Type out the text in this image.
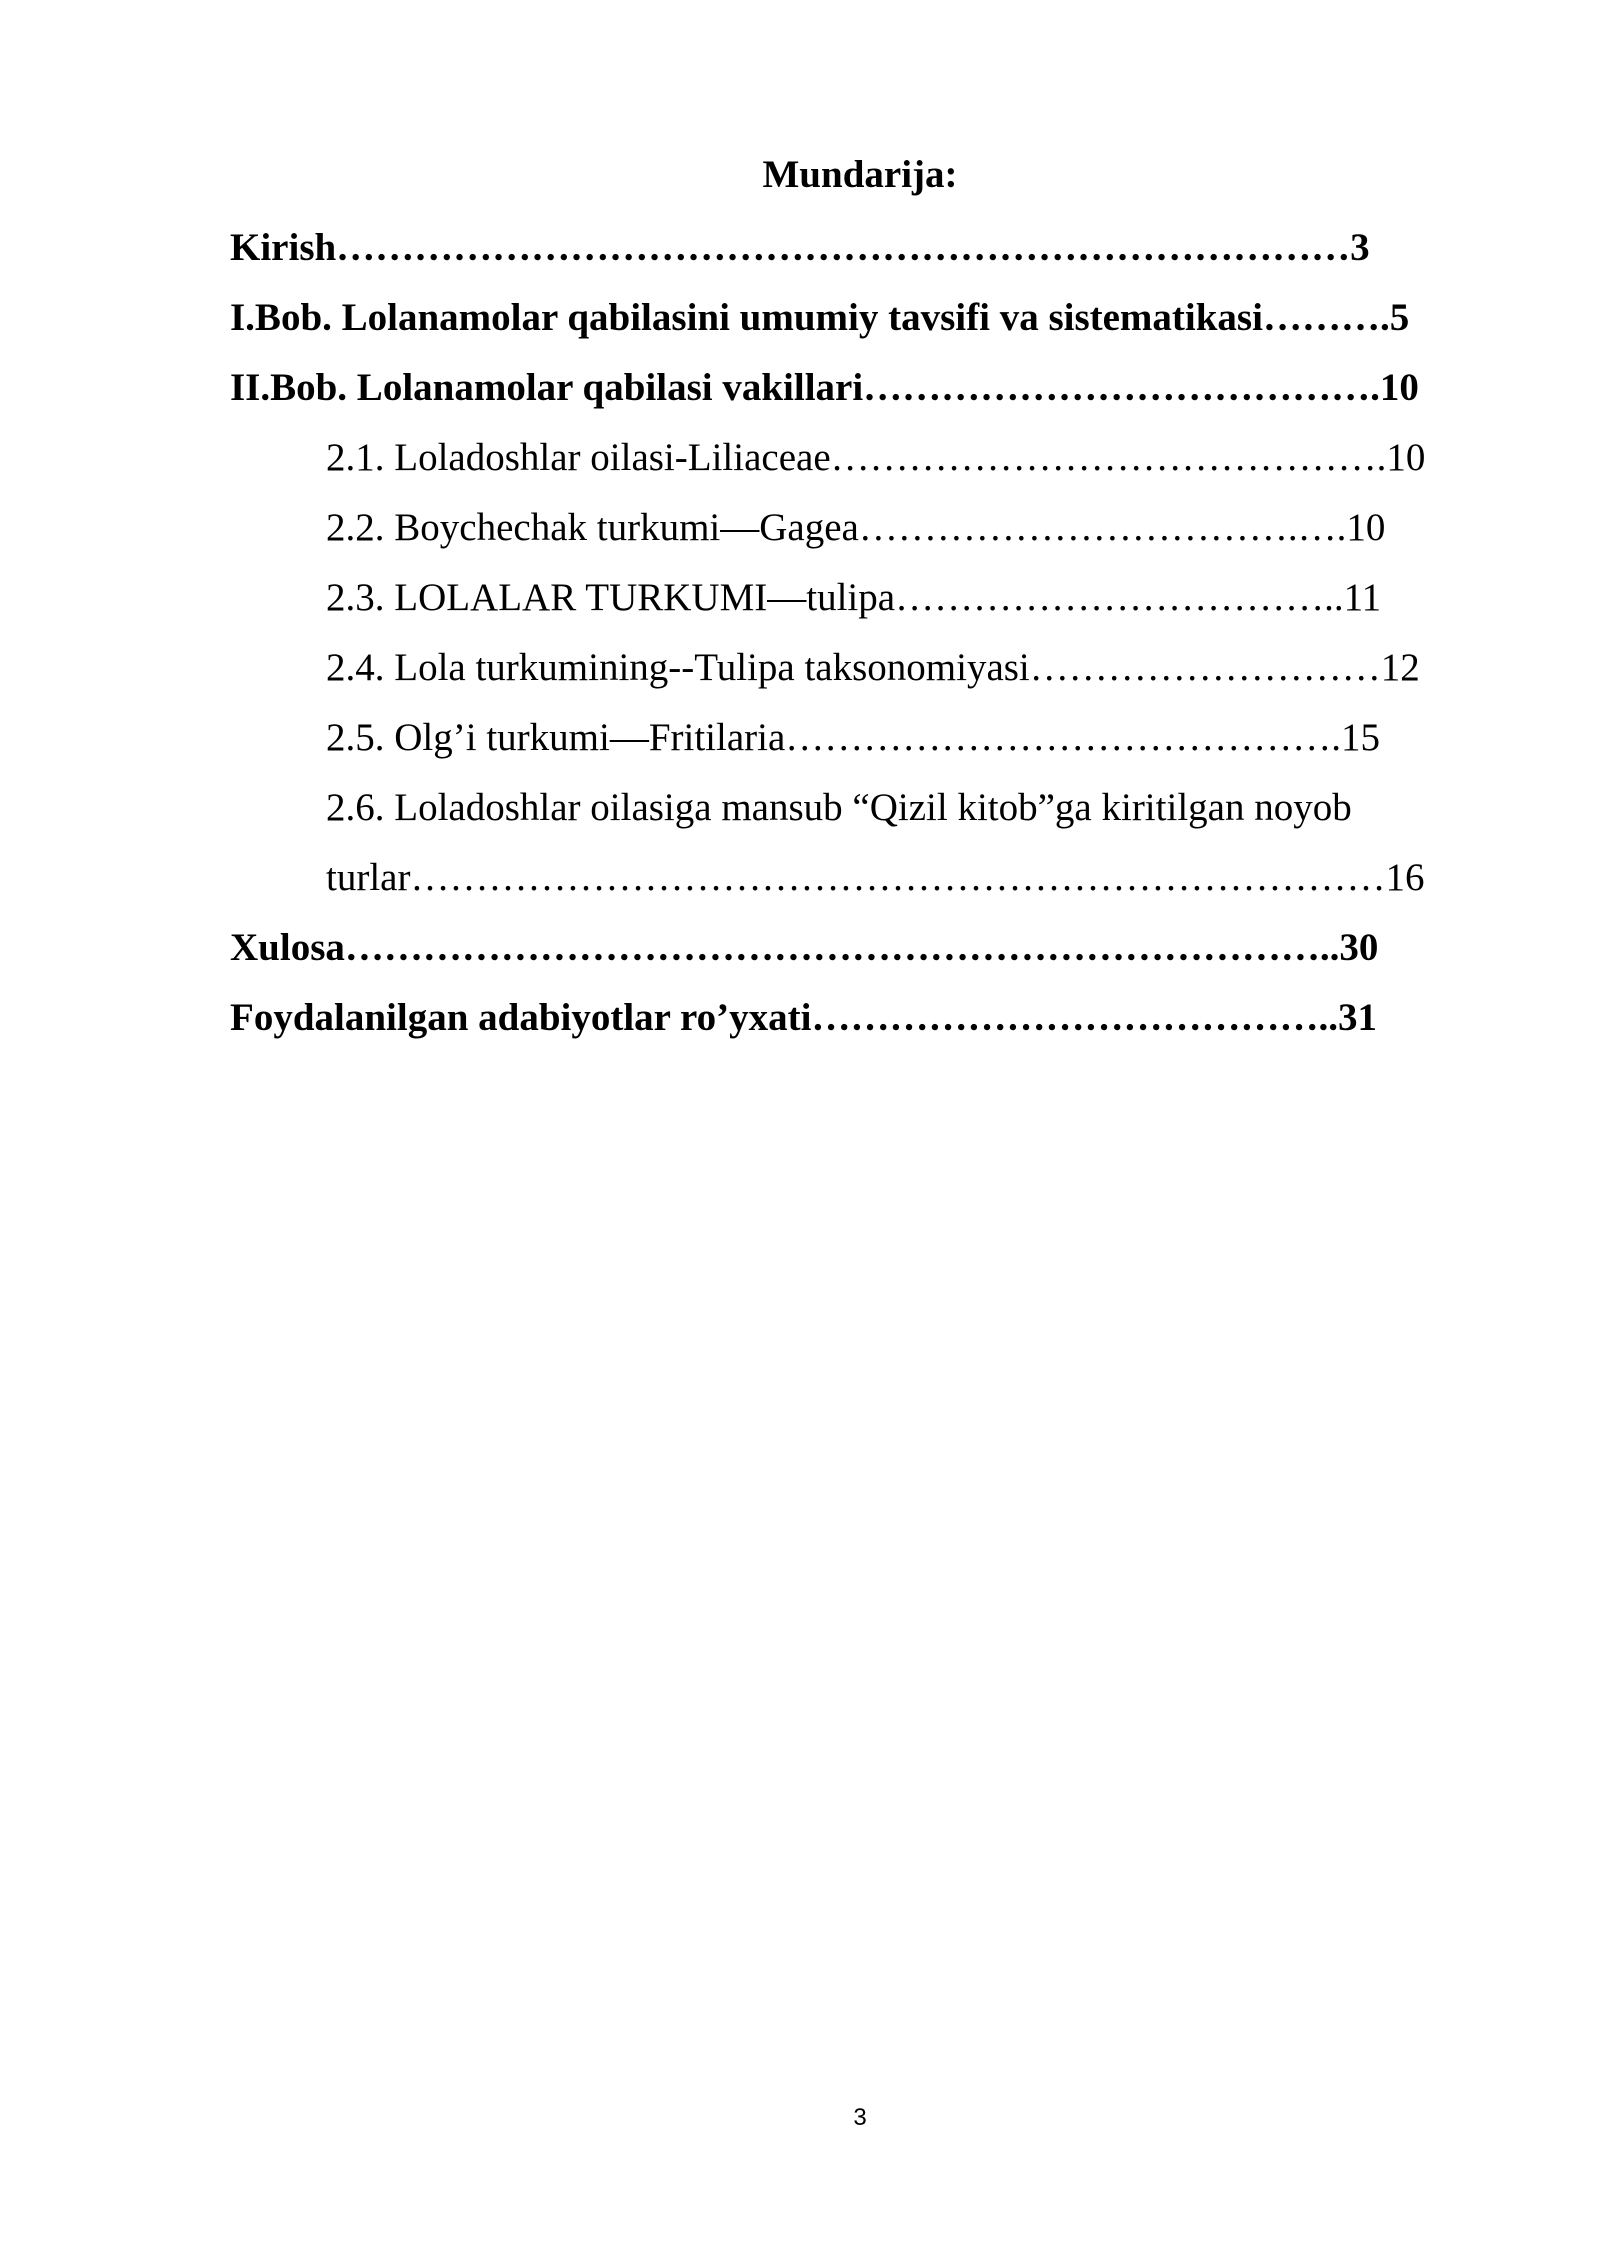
Mundarija:
Kirish……………………………………………………………………3
I.Bob. Lolanamolar qabilasini umumiy tavsifi va sistematikasi……….5
II.Bob. Lolanamolar qabilasi vakillari………………………………….10
2.1. Loladoshlar oilasi-Liliaceae…………………………………….10
2.2. Boychechak turkumi—Gagea…………………………….….10
2.3. LOLALAR TURKUMI—tulipa……………………………..11
2.4. Lola turkumining--Tulipa taksonomiyasi………………………12
2.5. Olg’i turkumi—Fritilaria…………………………………….15
2.6. Loladoshlar oilasiga mansub “Qizil kitob”ga kiritilgan noyob
turlar…………………………………………………………………16
Xulosa…………………………………………………………………..30
Foydalanilgan adabiyotlar ro’yxati…………………………………..31
3
